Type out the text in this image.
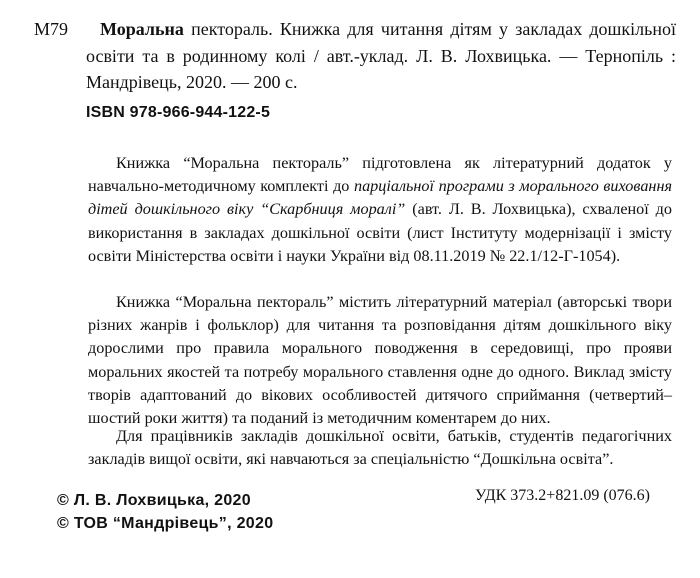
М79	Моральна пектораль. Книжка для читання дітям у закладах дошкільної освіти та в родинному колі / авт.-уклад. Л. В. Лохвицька. — Тернопіль : Мандрівець, 2020. — 200 с.
ISBN 978-966-944-122-5

Книжка “Моральна пектораль” підготовлена як літературний додаток у навчально-методичному комплекті до парціальної програми з морального виховання дітей дошкільного віку “Скарбниця моралі” (авт. Л. В. Лохвицька), схваленої до використання в закладах дошкільної освіти (лист Інституту модернізації і змісту освіти Міністерства освіти і науки України від 08.11.2019 № 22.1/12-Г-1054).

Книжка “Моральна пектораль” містить літературний матеріал (авторські твори різних жанрів і фольклор) для читання та розповідання дітям дошкільного віку дорослими про правила морального поводження в середовищі, про прояви моральних якостей та потребу морального ставлення одне до одного. Виклад змісту творів адаптований до вікових особливостей дитячого сприймання (четвертий–шостий роки життя) та поданий із методичним коментарем до них.

Для працівників закладів дошкільної освіти, батьків, студентів педагогічних закладів вищої освіти, які навчаються за спеціальністю “Дошкільна освіта”.

УДК 373.2+821.09 (076.6)
© Л. В. Лохвицька, 2020
© ТОВ “Мандрівець”, 2020
